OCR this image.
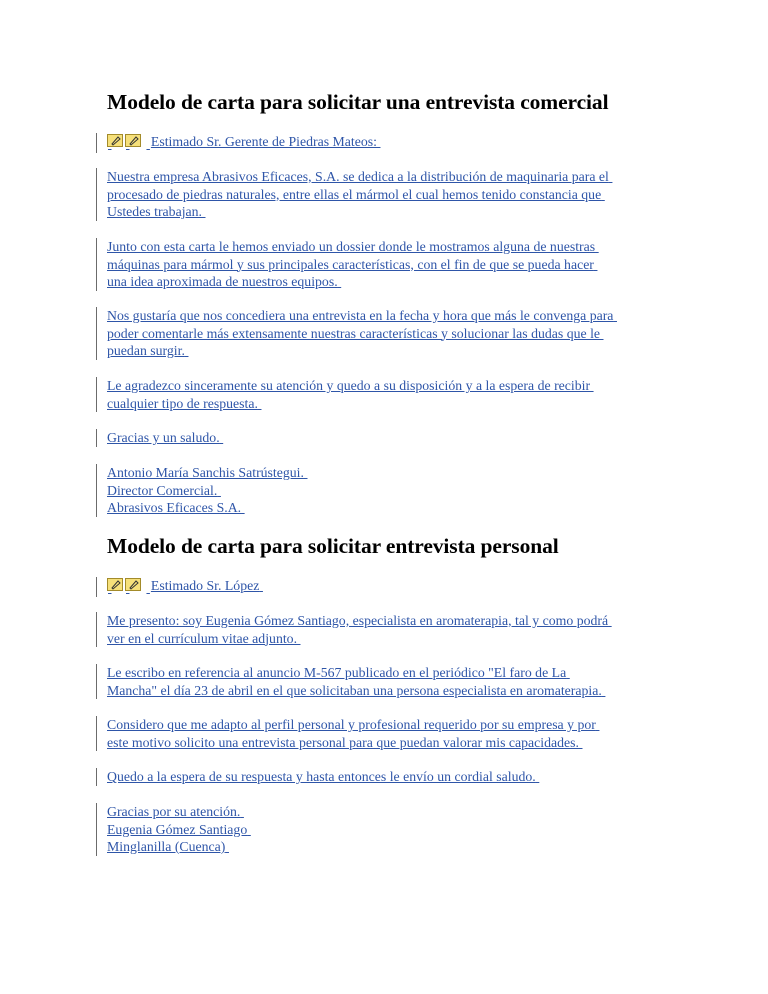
Modelo de carta para solicitar una entrevista comercial
Estimado Sr. Gerente de Piedras Mateos:
Nuestra empresa Abrasivos Eficaces, S.A. se dedica a la distribución de maquinaria para el
procesado de piedras naturales, entre ellas el mármol el cual hemos tenido constancia que
Ustedes trabajan.
Junto con esta carta le hemos enviado un dossier donde le mostramos alguna de nuestras
máquinas para mármol y sus principales características, con el fin de que se pueda hacer
una idea aproximada de nuestros equipos.
Nos gustaría que nos concediera una entrevista en la fecha y hora que más le convenga para
poder comentarle más extensamente nuestras características y solucionar las dudas que le
puedan surgir.
Le agradezco sinceramente su atención y quedo a su disposición y a la espera de recibir
cualquier tipo de respuesta.
Gracias y un saludo.
Antonio María Sanchis Satrústegui.
Director Comercial.
Abrasivos Eficaces S.A.
Modelo de carta para solicitar entrevista personal
Estimado Sr. López
Me presento: soy Eugenia Gómez Santiago, especialista en aromaterapia, tal y como podrá
ver en el currículum vitae adjunto.
Le escribo en referencia al anuncio M-567 publicado en el periódico "El faro de La
Mancha" el día 23 de abril en el que solicitaban una persona especialista en aromaterapia.
Considero que me adapto al perfil personal y profesional requerido por su empresa y por
este motivo solicito una entrevista personal para que puedan valorar mis capacidades.
Quedo a la espera de su respuesta y hasta entonces le envío un cordial saludo.
Gracias por su atención.
Eugenia Gómez Santiago
Minglanilla (Cuenca)
